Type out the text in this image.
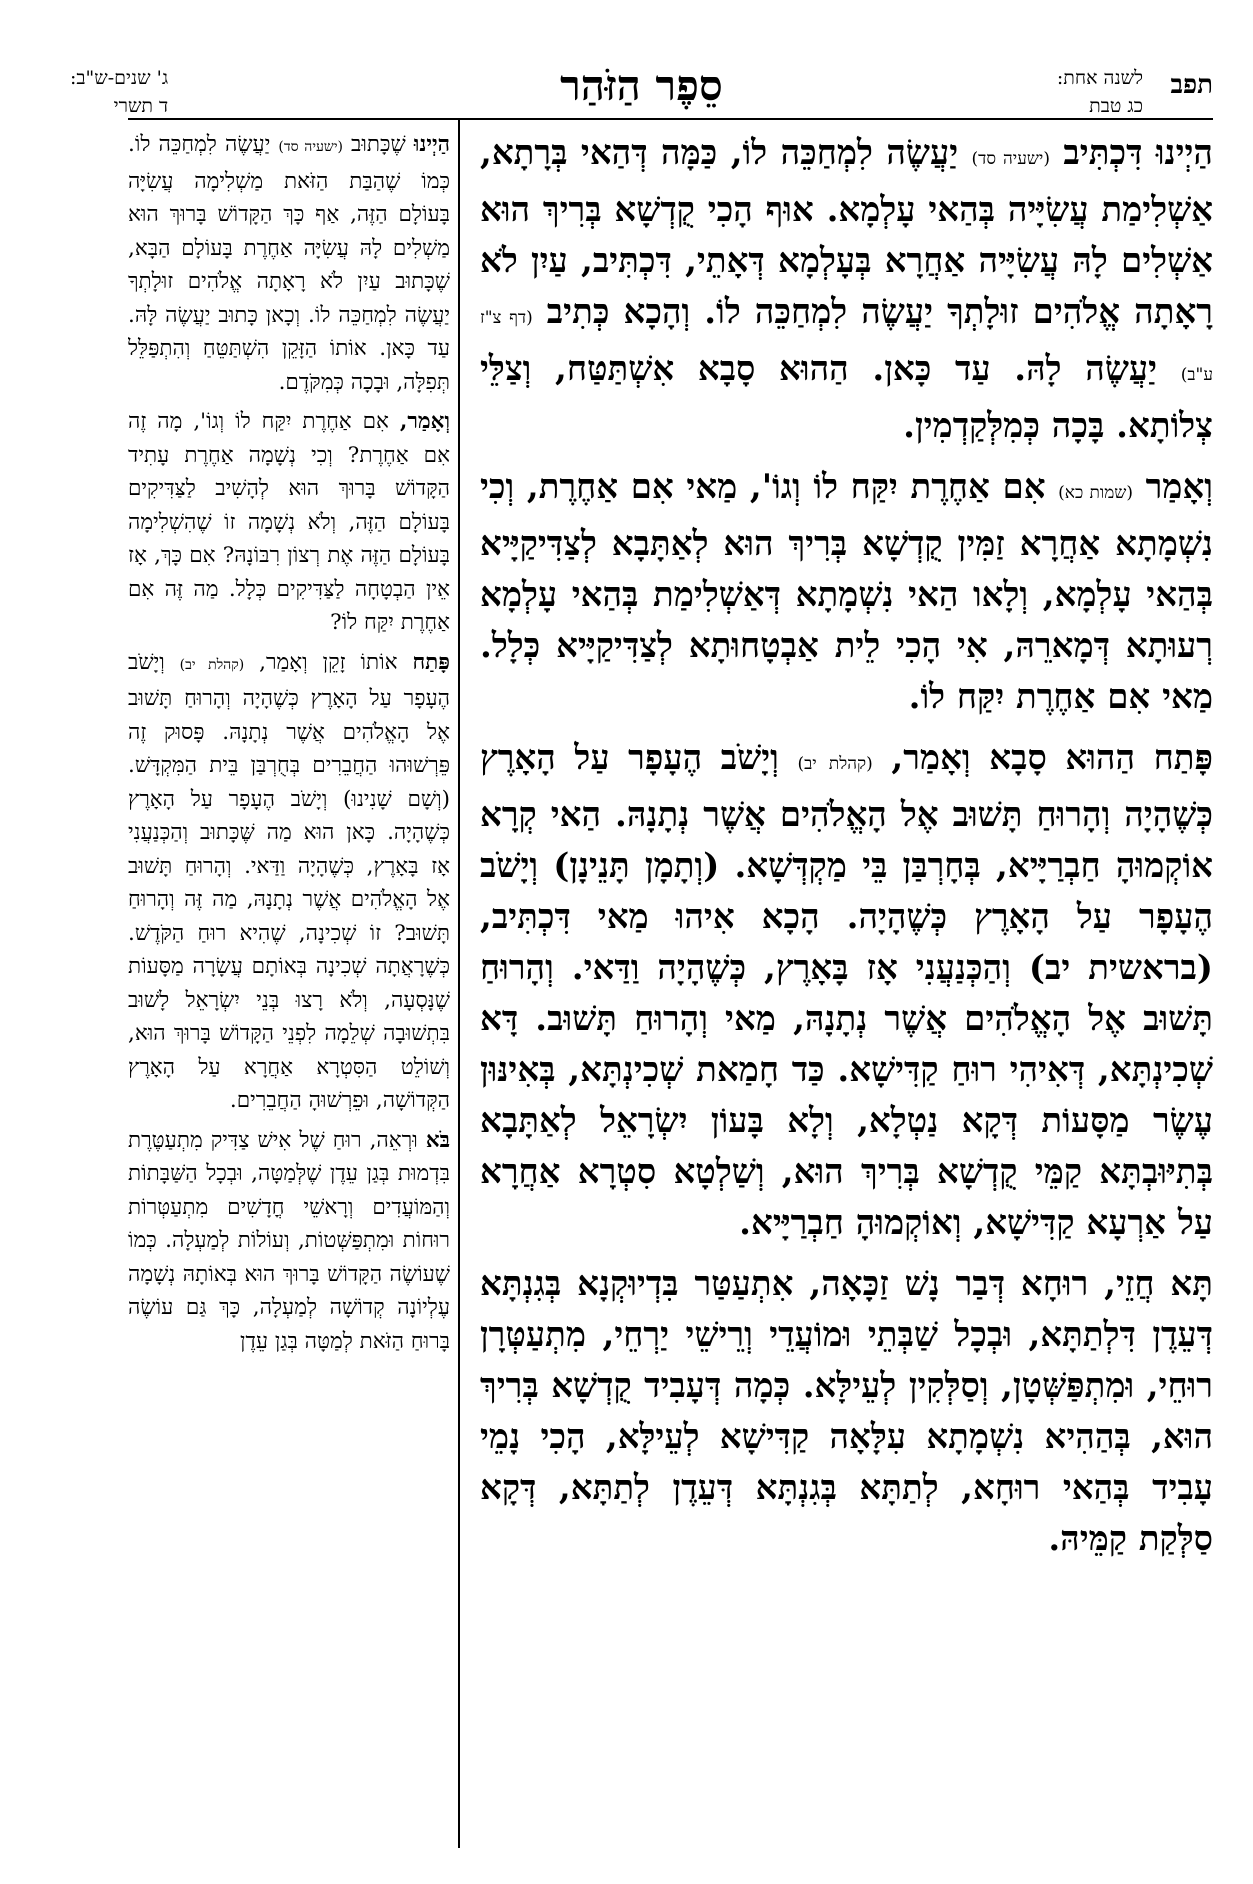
תפב
לשנה אחת:
כג טבת
סֵפֶר הַזֹּהַר
ג' שנים-ש"ב:
ד תשרי

הַיְינוּ דִּכְתִּיב (ישעיה סד) יַעֲשֶׂה לִמְחַכֵּה לוֹ, כַּמָּה דְּהַאי בְּרָתָא, אַשְׁלִימַת עֲשִׂיָּיה בְּהַאי עָלְמָא. אוּף הָכִי קֻדְשָׁא בְּרִיךְ הוּא אַשְׁלִים לָהּ עֲשִׂיָּיה אַחֲרָא בְּעָלְמָא דְּאָתֵי, דִּכְתִּיב, עַיִן לֹא רָאָתָה אֱלֹהִים זוּלָתְךָ יַעֲשֶׂה לִמְחַכֵּה לוֹ. וְהָכָא כְּתִיב (דף צ"ז ע"ב) יַעֲשֶׂה לָהּ. עַד כָּאן. הַהוּא סָבָא אִשְׁתַּטַּח, וְצַלֵּי צְלוֹתָא. בָּכָה כְּמִלְּקַדְמִין.

וְאָמַר (שמות כא) אִם אַחֶרֶת יִקַּח לוֹ וְגוֹ', מַאי אִם אַחֶרֶת, וְכִי נִשְׁמָתָא אַחֲרָא זַמִּין קֻדְשָׁא בְּרִיךְ הוּא לְאַתָּבָא לְצַדִּיקַיָּיא בְּהַאי עָלְמָא, וְלָאו הַאי נִשְׁמָתָא דְּאַשְׁלִימַת בְּהַאי עָלְמָא רְעוּתָא דְּמָארֵהּ, אִי הָכִי לֵית אַבְטָחוּתָא לְצַדִּיקַיָּיא כְּלָל. מַאי אִם אַחֶרֶת יִקַּח לוֹ.

פָּתַח הַהוּא סָבָא וְאָמַר, (קהלת יב) וְיָשֹׁב הֶעָפָר עַל הָאָרֶץ כְּשֶׁהָיָה וְהָרוּחַ תָּשׁוּב אֶל הָאֱלֹהִים אֲשֶׁר נְתָנָהּ. הַאי קְרָא אוֹקְמוּהָ חַבְרַיָּיא, בְּחָרְבַּן בֵּי מַקְדְּשָׁא. (וְתָמָן תָּנֵינָן) וְיָשֹׁב הֶעָפָר עַל הָאָרֶץ כְּשֶׁהָיָה. הָכָא אִיהוּ מַאי דִּכְתִּיב, (בראשית יב) וְהַכְּנַעֲנִי אָז בָּאָרֶץ, כְּשֶׁהָיָה וַדַּאי. וְהָרוּחַ תָּשׁוּב אֶל הָאֱלֹהִים אֲשֶׁר נְתָנָהּ, מַאי וְהָרוּחַ תָּשׁוּב. דָּא שְׁכִינְתָּא, דְּאִיהִי רוּחַ קַדִּישָׁא. כַּד חָמַאת שְׁכִינְתָּא, בְּאִינּוּן עֶשֶׂר מַסָּעוֹת דְּקָא נַטְלָא, וְלָא בָּעוֹן יִשְׂרָאֵל לְאַתָּבָא בְּתִיּוּבְתָּא קַמֵּי קֻדְשָׁא בְּרִיךְ הוּא, וְשַׁלְטָא סִטְרָא אַחֲרָא עַל אַרְעָא קַדִּישָׁא, וְאוֹקְמוּהָ חַבְרַיָּיא.

תָּא חֲזֵי, רוּחָא דְּבַר נָשׁ זַכָּאָה, אִתְעַטַּר בִּדְיוּקְנָא בְּגִנְתָּא דְּעֵדֶן דִּלְתַתָּא, וּבְכָל שַׁבְּתֵי וּמוֹעֲדֵי וְרֵישֵׁי יַרְחֵי, מִתְעַטְּרָן רוּחֵי, וּמִתְפַּשְּׁטָן, וְסַלְּקִין לְעֵילָּא. כְּמָה דְּעָבִיד קֻדְשָׁא בְּרִיךְ הוּא, בְּהַהִיא נִשְׁמָתָא עִלָּאָה קַדִּישָׁא לְעֵילָּא, הָכִי נָמֵי עָבִיד בְּהַאי רוּחָא, לְתַתָּא בְּגִנְתָּא דְּעֵדֶן לְתַתָּא, דְּקָא סַלְּקַת קַמֵּיהּ.

הַיְינוּ שֶׁכָּתוּב (ישעיה סד) יַעֲשֶׂה לִמְחַכֵּה לוֹ. כְּמוֹ שֶׁהַבַּת הַזֹּאת מַשְׁלִימָה עֲשִׂיָּה בָּעוֹלָם הַזֶּה, אַף כָּךְ הַקָּדוֹשׁ בָּרוּךְ הוּא מַשְׁלִים לָהּ עֲשִׂיָּה אַחֶרֶת בָּעוֹלָם הַבָּא, שֶׁכָּתוּב עַיִן לֹא רָאָתָה אֱלֹהִים זוּלָתְךָ יַעֲשֶׂה לִמְחַכֵּה לוֹ. וְכָאן כָּתוּב יַעֲשֶׂה לָּהּ. עַד כָּאן. אוֹתוֹ הַזָּקֵן הִשְׁתַּטֵּחַ וְהִתְפַּלֵּל תְּפִלָּה, וּבָכָה כְּמִקֹּדֶם.

וְאָמַר, אִם אַחֶרֶת יִקַּח לוֹ וְגוֹ', מָה זֶה אִם אַחֶרֶת? וְכִי נְשָׁמָה אַחֶרֶת עָתִיד הַקָּדוֹשׁ בָּרוּךְ הוּא לְהָשִׁיב לַצַּדִּיקִים בָּעוֹלָם הַזֶּה, וְלֹא נְשָׁמָה זוֹ שֶׁהִשְׁלִימָה בָּעוֹלָם הַזֶּה אֶת רְצוֹן רִבּוֹנָהּ? אִם כָּךְ, אָז אֵין הַבְטָחָה לַצַּדִּיקִים כְּלָל. מַה זֶּה אִם אַחֶרֶת יִקַּח לוֹ?

פָּתַח אוֹתוֹ זָקֵן וְאָמַר, (קהלת יב) וְיָשֹׁב הֶעָפָר עַל הָאָרֶץ כְּשֶׁהָיָה וְהָרוּחַ תָּשׁוּב אֶל הָאֱלֹהִים אֲשֶׁר נְתָנָהּ. פָּסוּק זֶה פֵּרְשׁוּהוּ הַחֲבֵרִים בְּחֻרְבַּן בֵּית הַמִּקְדָּשׁ. (וְשָׁם שָׁנִינוּ) וְיָשֹׁב הֶעָפָר עַל הָאָרֶץ כְּשֶׁהָיָה. כָּאן הוּא מַה שֶּׁכָּתוּב וְהַכְּנַעֲנִי אָז בָּאָרֶץ, כְּשֶׁהָיָה וַדַּאי. וְהָרוּחַ תָּשׁוּב אֶל הָאֱלֹהִים אֲשֶׁר נְתָנָהּ, מַה זֶּה וְהָרוּחַ תָּשׁוּב? זוֹ שְׁכִינָה, שֶׁהִיא רוּחַ הַקֹּדֶשׁ. כְּשֶׁרָאֲתָה שְׁכִינָה בְּאוֹתָם עֲשָׂרָה מַסָּעוֹת שֶׁנָּסְעָה, וְלֹא רָצוּ בְּנֵי יִשְׂרָאֵל לָשׁוּב בִּתְשׁוּבָה שְׁלֵמָה לִפְנֵי הַקָּדוֹשׁ בָּרוּךְ הוּא, וְשׁוֹלֵט הַסִּטְרָא אַחֲרָא עַל הָאָרֶץ הַקְּדוֹשָׁה, וּפֵרְשׁוּהָ הַחֲבֵרִים.

בֹּא וּרְאֵה, רוּחַ שֶׁל אִישׁ צַדִּיק מִתְעַטֶּרֶת בִּדְמוּת בְּגַן עֵדֶן שֶׁלְּמַטָּה, וּבְכָל הַשַּׁבָּתוֹת וְהַמּוֹעֲדִים וְרָאשֵׁי חֳדָשִׁים מִתְעַטְּרוֹת רוּחוֹת וּמִתְפַּשְּׁטוֹת, וְעוֹלוֹת לְמַעְלָה. כְּמוֹ שֶׁעוֹשֶׂה הַקָּדוֹשׁ בָּרוּךְ הוּא בְּאוֹתָהּ נְשָׁמָה עֶלְיוֹנָה קְדוֹשָׁה לְמַעְלָה, כָּךְ גַּם עוֹשֶׂה בָּרוּחַ הַזֹּאת לְמַטָּה בְּגַן עֵדֶן
